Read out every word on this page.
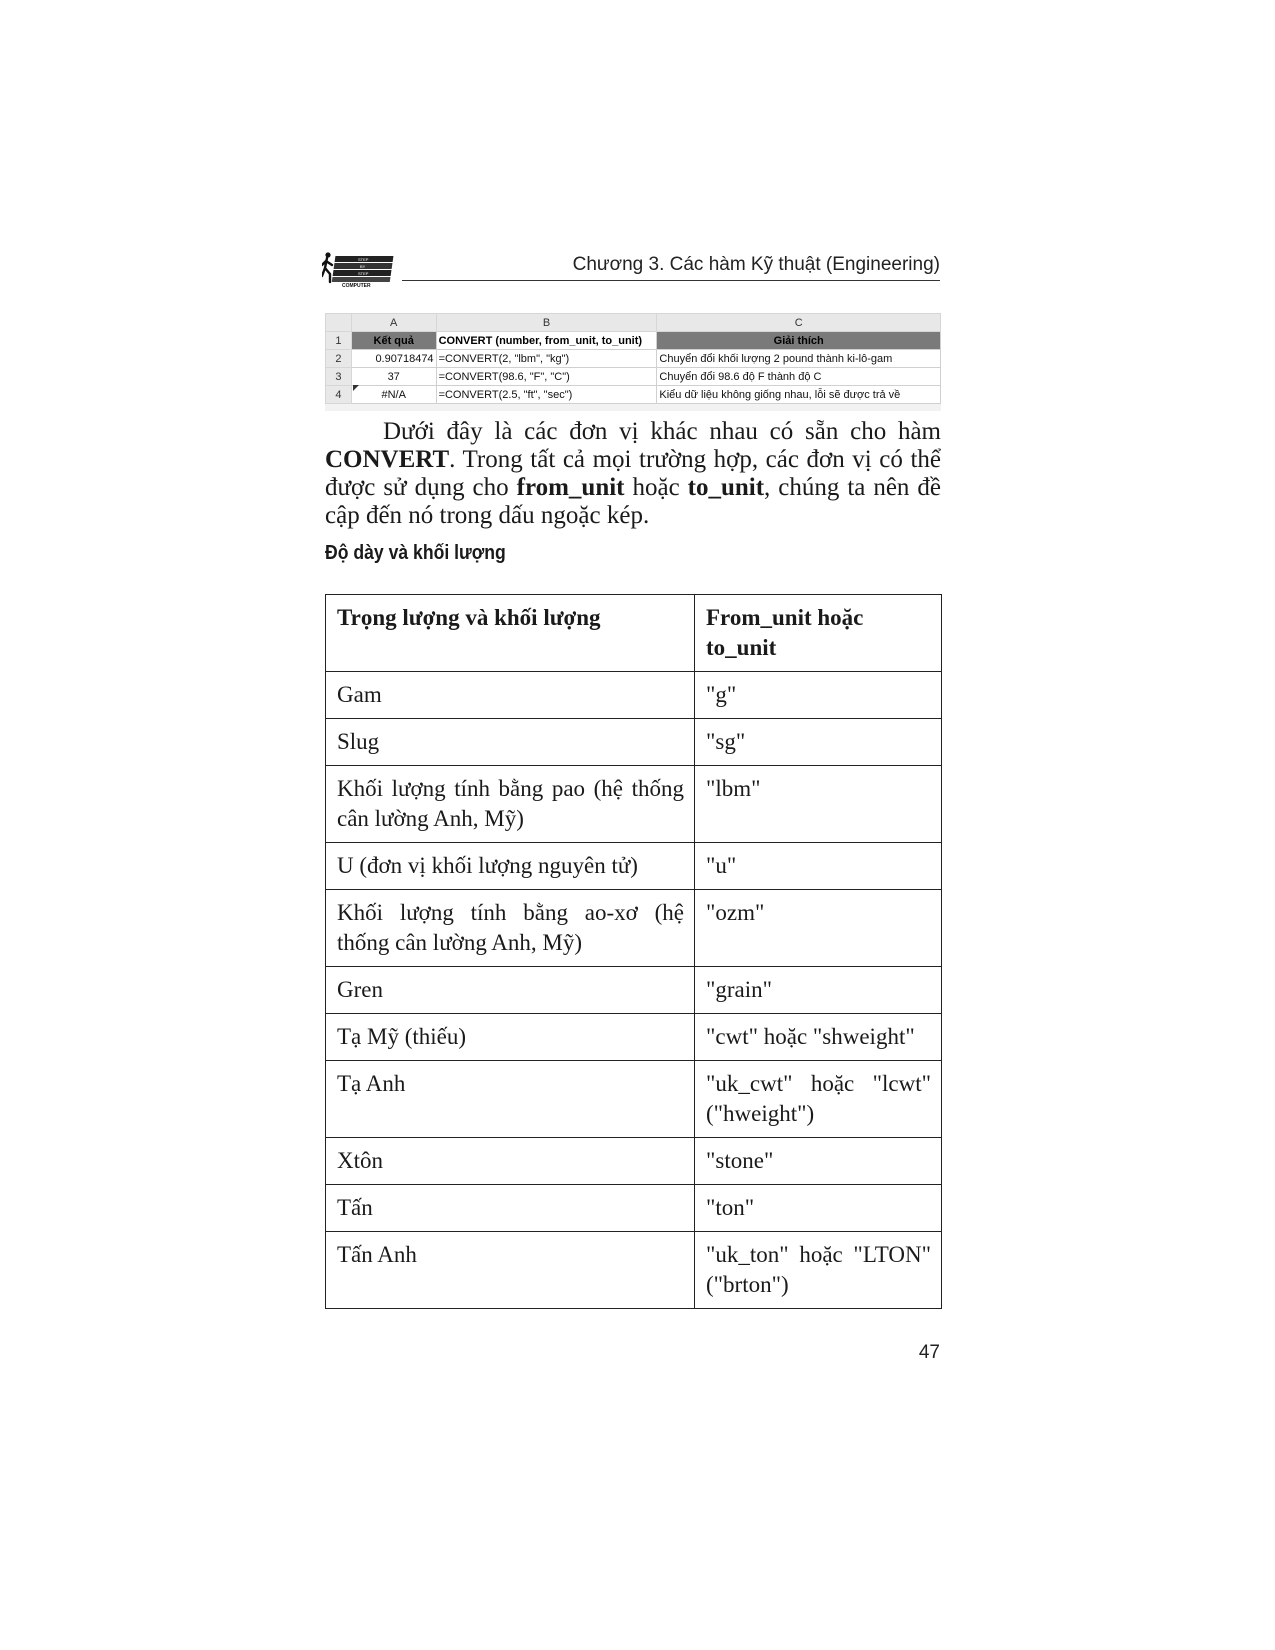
STEP
BY
STEP
COMPUTER
Chương 3. Các hàm Kỹ thuật (Engineering)
	A	B	C
1	Kết quả	CONVERT (number, from_unit, to_unit)	Giải thích
2	0.90718474	=CONVERT(2, "lbm", "kg")	Chuyển đổi khối lượng 2 pound thành ki-lô-gam
3	37	=CONVERT(98.6, "F", "C")	Chuyển đổi 98.6 độ F thành độ C
4	#N/A	=CONVERT(2.5, "ft", "sec")	Kiểu dữ liệu không giống nhau, lỗi sẽ được trả về
Dưới đây là các đơn vị khác nhau có sẵn cho hàm CONVERT. Trong tất cả mọi trường hợp, các đơn vị có thể được sử dụng cho from_unit hoặc to_unit, chúng ta nên đề cập đến nó trong dấu ngoặc kép.
Độ dày và khối lượng
Trọng lượng và khối lượng	From_unit hoặc to_unit
Gam	"g"
Slug	"sg"
Khối lượng tính bằng pao (hệ thống cân lường Anh, Mỹ)	"lbm"
U (đơn vị khối lượng nguyên tử)	"u"
Khối lượng tính bằng ao-xơ (hệ thống cân lường Anh, Mỹ)	"ozm"
Gren	"grain"
Tạ Mỹ (thiếu)	"cwt" hoặc "shweight"
Tạ Anh	"uk_cwt" hoặc "lcwt" ("hweight")
Xtôn	"stone"
Tấn	"ton"
Tấn Anh	"uk_ton" hoặc "LTON" ("brton")
47
